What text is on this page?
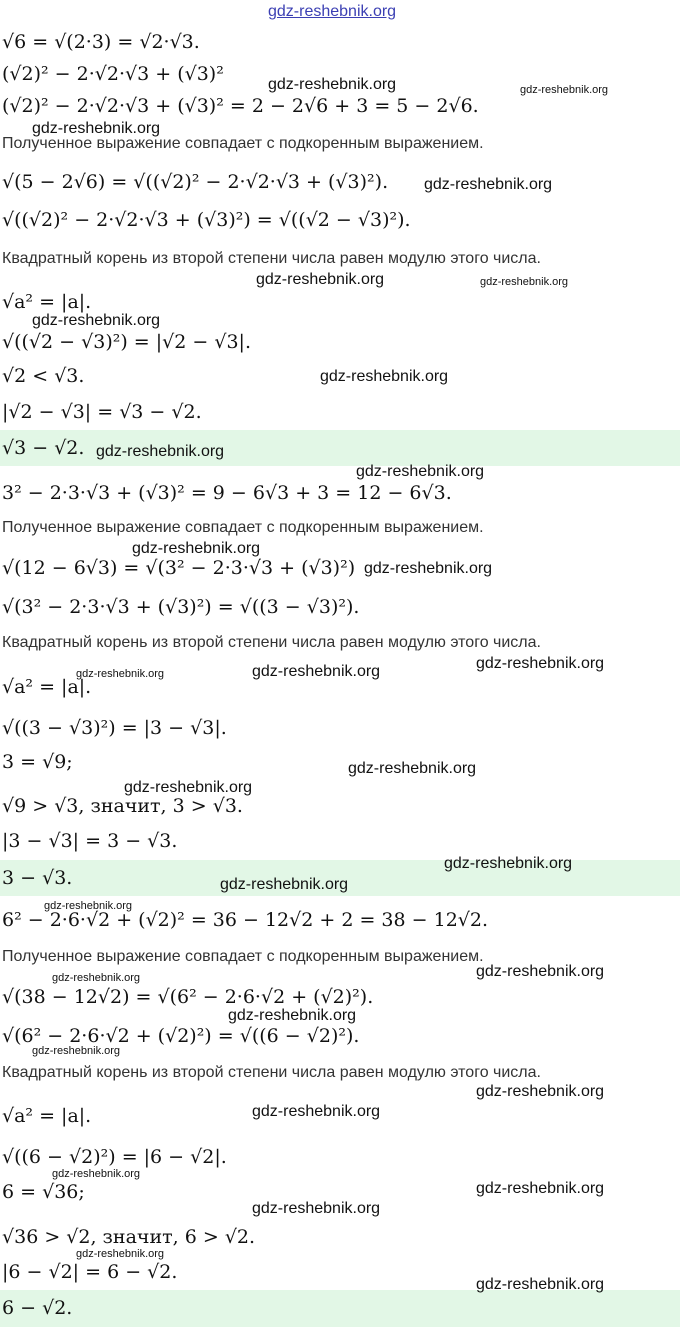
gdz-reshebnik.org
√6 = √(2·3) = √2·√3.
(√2)² − 2·√2·√3 + (√3)²
(√2)² − 2·√2·√3 + (√3)² = 2 − 2√6 + 3 = 5 − 2√6.
Полученное выражение совпадает с подкоренным выражением.
√(5 − 2√6) = √((√2)² − 2·√2·√3 + (√3)²).
√((√2)² − 2·√2·√3 + (√3)²) = √((√2 − √3)²).
Квадратный корень из второй степени числа равен модулю этого числа.
√a² = |a|.
√((√2 − √3)²) = |√2 − √3|.
√2 < √3.
|√2 − √3| = √3 − √2.
√3 − √2.
3² − 2·3·√3 + (√3)² = 9 − 6√3 + 3 = 12 − 6√3.
Полученное выражение совпадает с подкоренным выражением.
√(12 − 6√3) = √(3² − 2·3·√3 + (√3)²)
√(3² − 2·3·√3 + (√3)²) = √((3 − √3)²).
Квадратный корень из второй степени числа равен модулю этого числа.
√a² = |a|.
√((3 − √3)²) = |3 − √3|.
3 = √9;
√9 > √3, значит, 3 > √3.
|3 − √3| = 3 − √3.
3 − √3.
6² − 2·6·√2 + (√2)² = 36 − 12√2 + 2 = 38 − 12√2.
Полученное выражение совпадает с подкоренным выражением.
√(38 − 12√2) = √(6² − 2·6·√2 + (√2)²).
√(6² − 2·6·√2 + (√2)²) = √((6 − √2)²).
Квадратный корень из второй степени числа равен модулю этого числа.
√a² = |a|.
√((6 − √2)²) = |6 − √2|.
6 = √36;
√36 > √2, значит, 6 > √2.
|6 − √2| = 6 − √2.
6 − √2.
gdz-reshebnik.org	gdz-reshebnik.org
gdz-reshebnik.org
gdz-reshebnik.org
gdz-reshebnik.org	gdz-reshebnik.org
gdz-reshebnik.org
gdz-reshebnik.org
gdz-reshebnik.org
gdz-reshebnik.org
gdz-reshebnik.org
gdz-reshebnik.org
gdz-reshebnik.org	gdz-reshebnik.org	gdz-reshebnik.org
gdz-reshebnik.org
gdz-reshebnik.org
gdz-reshebnik.org
gdz-reshebnik.org
gdz-reshebnik.org
gdz-reshebnik.org
gdz-reshebnik.org
gdz-reshebnik.org
gdz-reshebnik.org
gdz-reshebnik.org
gdz-reshebnik.org
gdz-reshebnik.org
gdz-reshebnik.org
gdz-reshebnik.org
gdz-reshebnik.org
gdz-reshebnik.org
